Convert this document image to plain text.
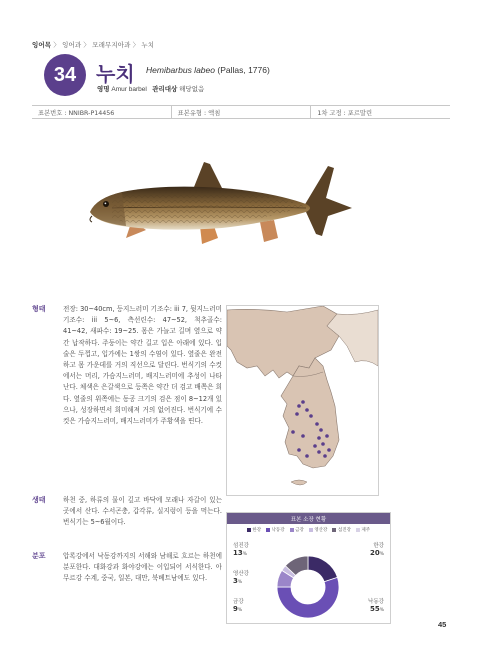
잉어목 〉 잉어과 〉 모래무지아과 〉 누치
34 누치 Hemibarbus labeo (Pallas, 1776)
영명 Amur barbel 관리대상 해당없음
표본번호 : NNIBR-P14456	표본유형 : 액침	1차 고정 : 포르말린
형태	전장: 30~40cm, 등지느러미 기조수: iii 7, 뒷지느러미 기조수: iii 5~6, 측선린수: 47~52, 척추골수: 41~42, 새파수: 19~25. 몸은 가늘고 길며 옆으로 약간 납작하다. 주둥이는 약간 길고 입은 아래에 있다. 입술은 두껍고, 입가에는 1쌍의 수염이 있다. 옆줄은 완전하고 몸 가운데를 거의 직선으로 달린다. 번식기의 수컷에서는 머리, 가슴지느러미, 배지느러미에 추성이 나타난다. 체색은 은갈색으로 등쪽은 약간 더 검고 배쪽은 희다. 옆줄의 위쪽에는 동공 크기의 검은 점이 8~12개 있으나, 성장하면서 희미해져 거의 없어진다. 번식기에 수컷은 가슴지느러미, 배지느러미가 주황색을 띤다.

생태	하천 중, 하류의 물이 깊고 바닥에 모래나 자갈이 있는 곳에서 산다. 수서곤충, 갑각류, 실지렁이 등을 먹는다. 번식기는 5~6월이다.

분포	압록강에서 낙동강까지의 서해와 남해로 흐르는 하천에 분포한다. 대화강과 화야강에는 이입되어 서식한다. 아무르강 수계, 중국, 일본, 대만, 북베트남에도 있다.

표본 소장 현황
한강 낙동강 금강 영산강 섬진강 제주
섬진강
13%
영산강
3%
금강
9%
한강
20%
낙동강
55%
45
